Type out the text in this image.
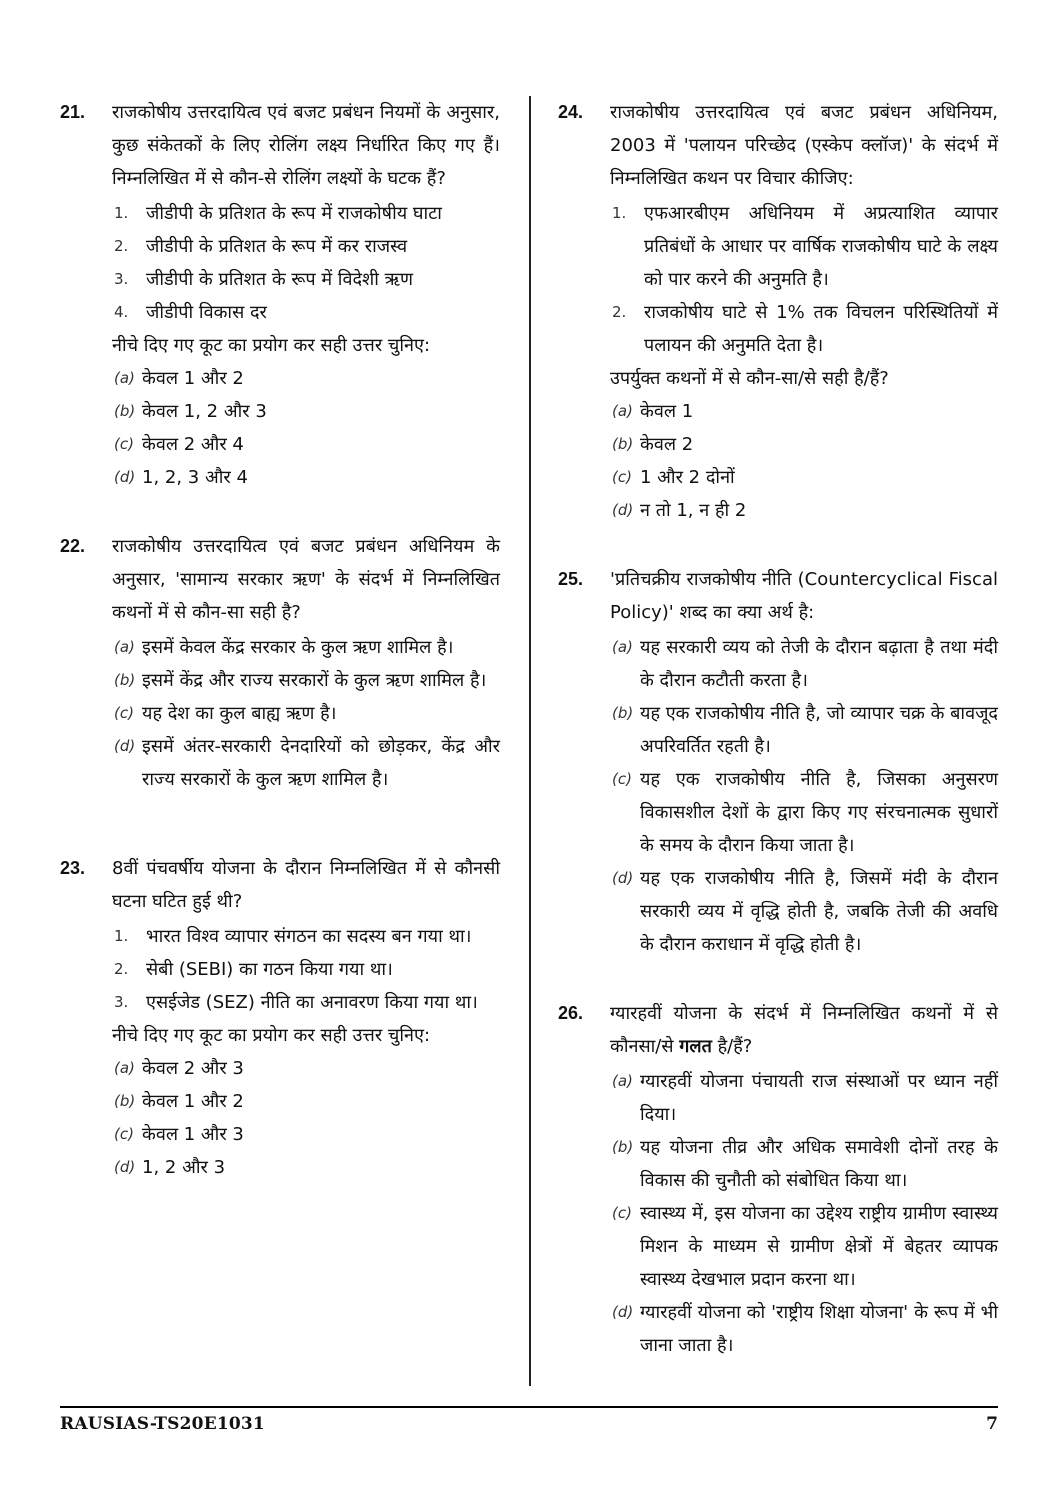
21. राजकोषीय उत्तरदायित्व एवं बजट प्रबंधन नियमों के अनुसार, कुछ संकेतकों के लिए रोलिंग लक्ष्य निर्धारित किए गए हैं। निम्नलिखित में से कौन-से रोलिंग लक्ष्यों के घटक हैं?
1. जीडीपी के प्रतिशत के रूप में राजकोषीय घाटा
2. जीडीपी के प्रतिशत के रूप में कर राजस्व
3. जीडीपी के प्रतिशत के रूप में विदेशी ऋण
4. जीडीपी विकास दर
नीचे दिए गए कूट का प्रयोग कर सही उत्तर चुनिए:
(a) केवल 1 और 2
(b) केवल 1, 2 और 3
(c) केवल 2 और 4
(d) 1, 2, 3 और 4
22. राजकोषीय उत्तरदायित्व एवं बजट प्रबंधन अधिनियम के अनुसार, 'सामान्य सरकार ऋण' के संदर्भ में निम्नलिखित कथनों में से कौन-सा सही है?
(a) इसमें केवल केंद्र सरकार के कुल ऋण शामिल है।
(b) इसमें केंद्र और राज्य सरकारों के कुल ऋण शामिल है।
(c) यह देश का कुल बाह्य ऋण है।
(d) इसमें अंतर-सरकारी देनदारियों को छोड़कर, केंद्र और राज्य सरकारों के कुल ऋण शामिल है।
23. 8वीं पंचवर्षीय योजना के दौरान निम्नलिखित में से कौनसी घटना घटित हुई थी?
1. भारत विश्व व्यापार संगठन का सदस्य बन गया था।
2. सेबी (SEBI) का गठन किया गया था।
3. एसईजेड (SEZ) नीति का अनावरण किया गया था।
नीचे दिए गए कूट का प्रयोग कर सही उत्तर चुनिए:
(a) केवल 2 और 3
(b) केवल 1 और 2
(c) केवल 1 और 3
(d) 1, 2 और 3
24. राजकोषीय उत्तरदायित्व एवं बजट प्रबंधन अधिनियम, 2003 में 'पलायन परिच्छेद (एस्केप क्लॉज)' के संदर्भ में निम्नलिखित कथन पर विचार कीजिए:
1. एफआरबीएम अधिनियम में अप्रत्याशित व्यापार प्रतिबंधों के आधार पर वार्षिक राजकोषीय घाटे के लक्ष्य को पार करने की अनुमति है।
2. राजकोषीय घाटे से 1% तक विचलन परिस्थितियों में पलायन की अनुमति देता है।
उपर्युक्त कथनों में से कौन-सा/से सही है/हैं?
(a) केवल 1
(b) केवल 2
(c) 1 और 2 दोनों
(d) न तो 1, न ही 2
25. 'प्रतिचक्रीय राजकोषीय नीति (Countercyclical Fiscal Policy)' शब्द का क्या अर्थ है:
(a) यह सरकारी व्यय को तेजी के दौरान बढ़ाता है तथा मंदी के दौरान कटौती करता है।
(b) यह एक राजकोषीय नीति है, जो व्यापार चक्र के बावजूद अपरिवर्तित रहती है।
(c) यह एक राजकोषीय नीति है, जिसका अनुसरण विकासशील देशों के द्वारा किए गए संरचनात्मक सुधारों के समय के दौरान किया जाता है।
(d) यह एक राजकोषीय नीति है, जिसमें मंदी के दौरान सरकारी व्यय में वृद्धि होती है, जबकि तेजी की अवधि के दौरान कराधान में वृद्धि होती है।
26. ग्यारहवीं योजना के संदर्भ में निम्नलिखित कथनों में से कौनसा/से गलत है/हैं?
(a) ग्यारहवीं योजना पंचायती राज संस्थाओं पर ध्यान नहीं दिया।
(b) यह योजना तीव्र और अधिक समावेशी दोनों तरह के विकास की चुनौती को संबोधित किया था।
(c) स्वास्थ्य में, इस योजना का उद्देश्य राष्ट्रीय ग्रामीण स्वास्थ्य मिशन के माध्यम से ग्रामीण क्षेत्रों में बेहतर व्यापक स्वास्थ्य देखभाल प्रदान करना था।
(d) ग्यारहवीं योजना को 'राष्ट्रीय शिक्षा योजना' के रूप में भी जाना जाता है।
RAUSIAS-TS20E1031	7
